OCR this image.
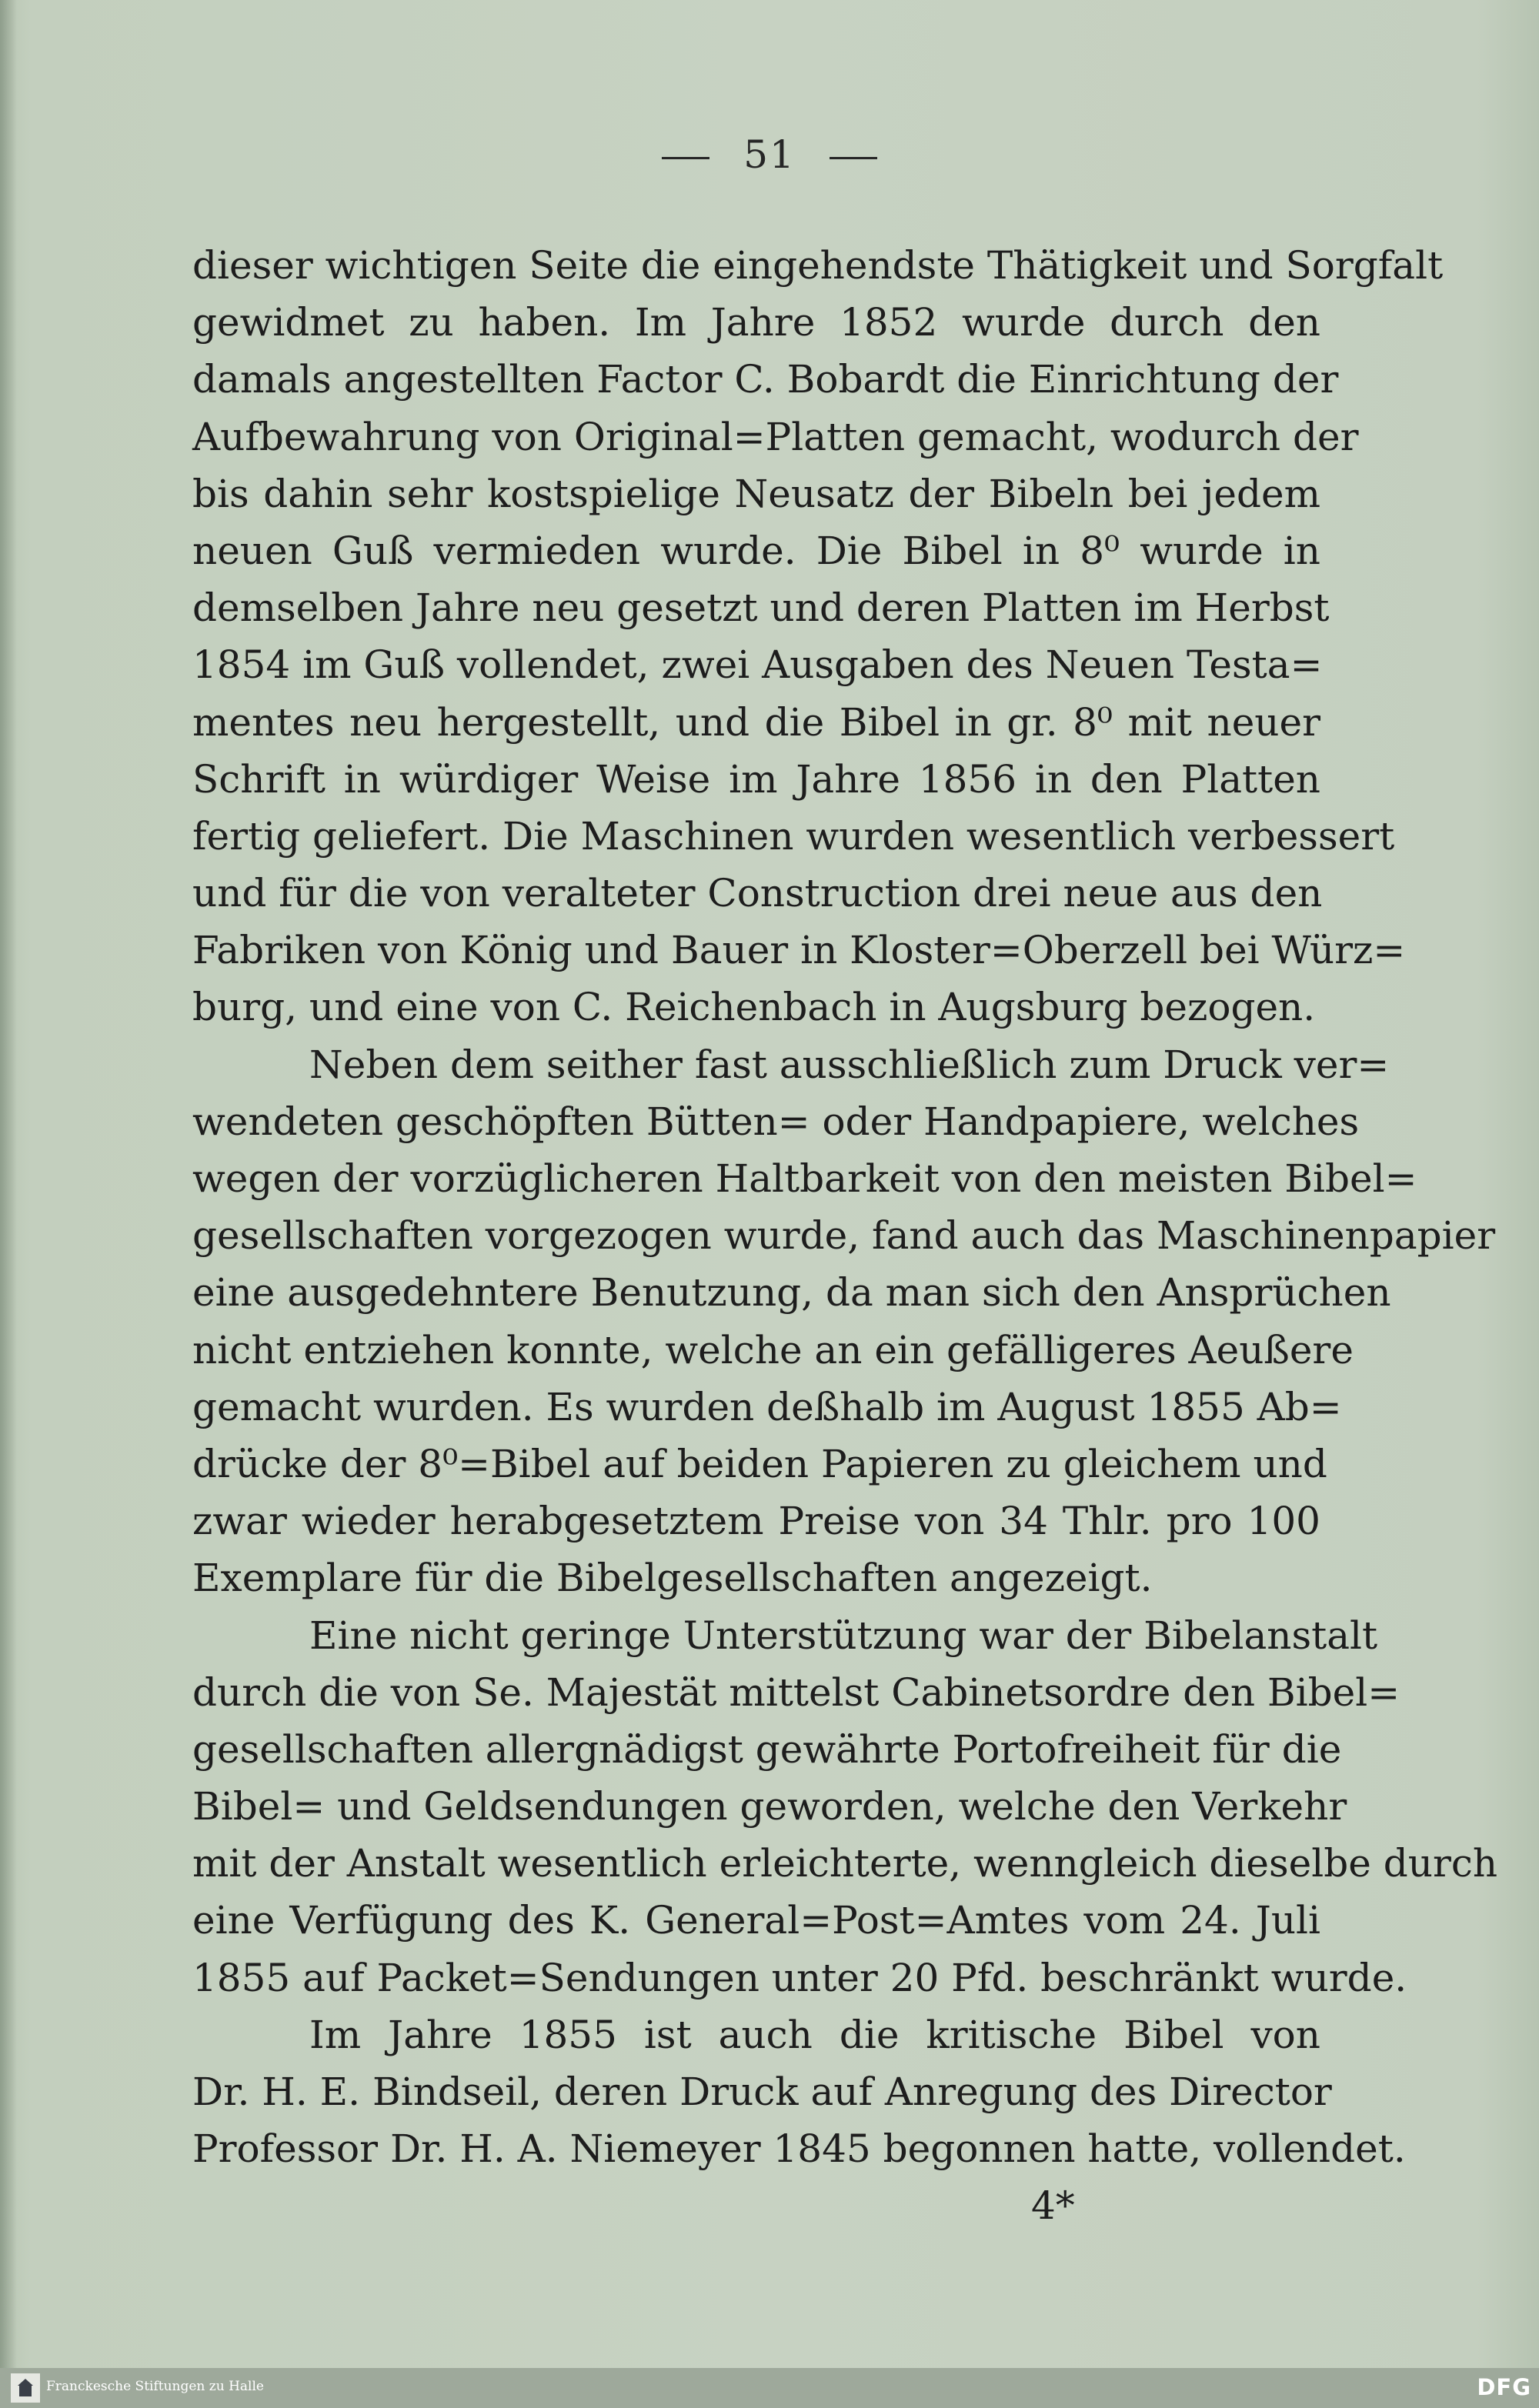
51
dieser wichtigen Seite die eingehendste Thätigkeit und Sorgfalt
gewidmet zu haben. Im Jahre 1852 wurde durch den
damals angestellten Factor C. Bobardt die Einrichtung der
Aufbewahrung von Original=Platten gemacht, wodurch der
bis dahin sehr kostspielige Neusatz der Bibeln bei jedem
neuen Guß vermieden wurde. Die Bibel in 8⁰ wurde in
demselben Jahre neu gesetzt und deren Platten im Herbst
1854 im Guß vollendet, zwei Ausgaben des Neuen Testa=
mentes neu hergestellt, und die Bibel in gr. 8⁰ mit neuer
Schrift in würdiger Weise im Jahre 1856 in den Platten
fertig geliefert. Die Maschinen wurden wesentlich verbessert
und für die von veralteter Construction drei neue aus den
Fabriken von König und Bauer in Kloster=Oberzell bei Würz=
burg, und eine von C. Reichenbach in Augsburg bezogen.
Neben dem seither fast ausschließlich zum Druck ver=
wendeten geschöpften Bütten= oder Handpapiere, welches
wegen der vorzüglicheren Haltbarkeit von den meisten Bibel=
gesellschaften vorgezogen wurde, fand auch das Maschinenpapier
eine ausgedehntere Benutzung, da man sich den Ansprüchen
nicht entziehen konnte, welche an ein gefälligeres Aeußere
gemacht wurden. Es wurden deßhalb im August 1855 Ab=
drücke der 8⁰=Bibel auf beiden Papieren zu gleichem und
zwar wieder herabgesetztem Preise von 34 Thlr. pro 100
Exemplare für die Bibelgesellschaften angezeigt.
Eine nicht geringe Unterstützung war der Bibelanstalt
durch die von Se. Majestät mittelst Cabinetsordre den Bibel=
gesellschaften allergnädigst gewährte Portofreiheit für die
Bibel= und Geldsendungen geworden, welche den Verkehr
mit der Anstalt wesentlich erleichterte, wenngleich dieselbe durch
eine Verfügung des K. General=Post=Amtes vom 24. Juli
1855 auf Packet=Sendungen unter 20 Pfd. beschränkt wurde.
Im Jahre 1855 ist auch die kritische Bibel von
Dr. H. E. Bindseil, deren Druck auf Anregung des Director
Professor Dr. H. A. Niemeyer 1845 begonnen hatte, vollendet.
4*
Franckesche Stiftungen zu Halle	DFG
